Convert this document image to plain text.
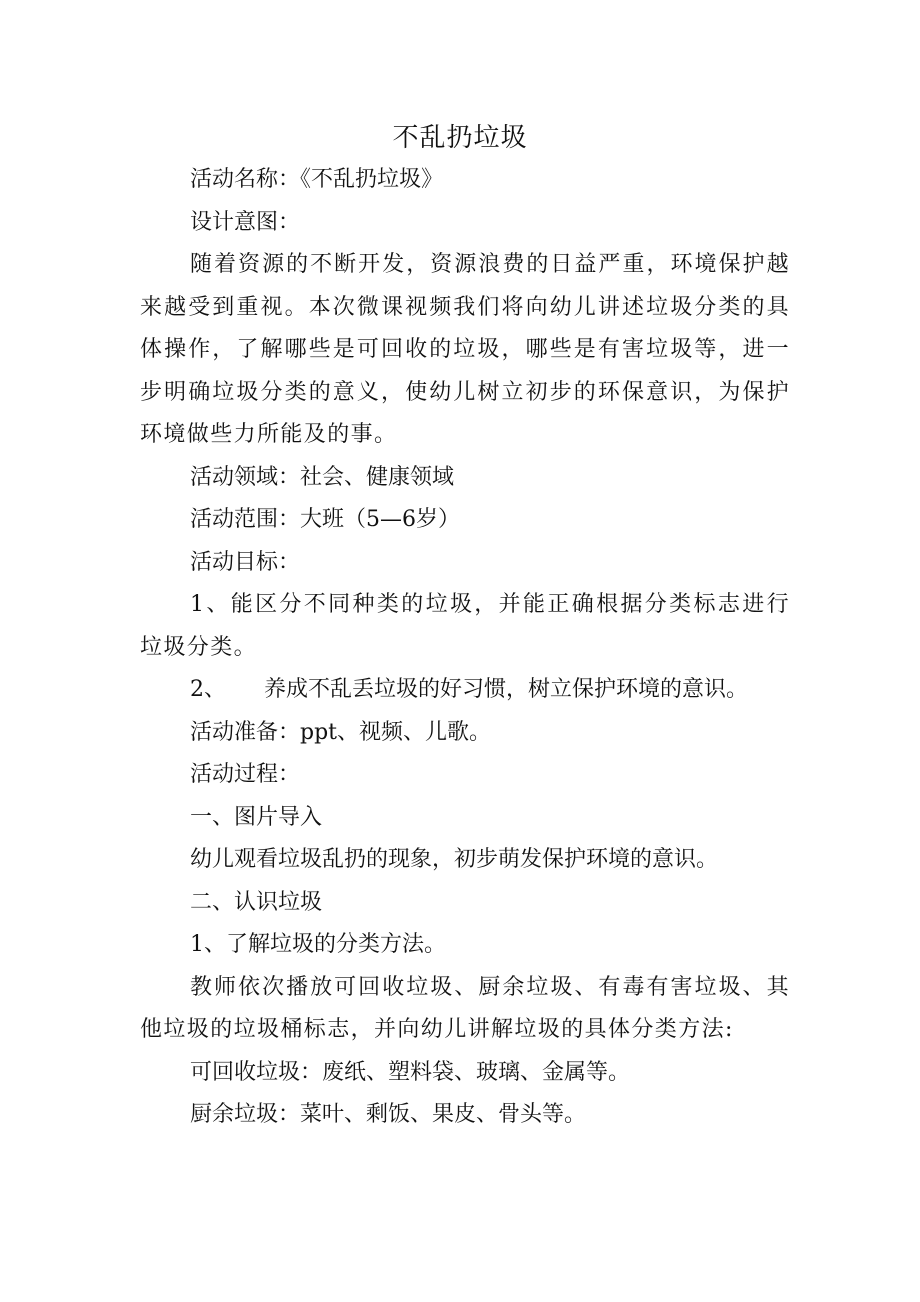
不乱扔垃圾

活动名称：《不乱扔垃圾》

设计意图：

随着资源的不断开发，资源浪费的日益严重，环境保护越来越受到重视。本次微课视频我们将向幼儿讲述垃圾分类的具体操作，了解哪些是可回收的垃圾，哪些是有害垃圾等，进一步明确垃圾分类的意义，使幼儿树立初步的环保意识，为保护环境做些力所能及的事。

活动领域：社会、健康领域

活动范围：大班（5—6岁）

活动目标：

1、能区分不同种类的垃圾，并能正确根据分类标志进行垃圾分类。

2、 养成不乱丢垃圾的好习惯，树立保护环境的意识。

活动准备：ppt、视频、儿歌。

活动过程：

一、图片导入

幼儿观看垃圾乱扔的现象，初步萌发保护环境的意识。

二、认识垃圾

1、了解垃圾的分类方法。

教师依次播放可回收垃圾、厨余垃圾、有毒有害垃圾、其他垃圾的垃圾桶标志，并向幼儿讲解垃圾的具体分类方法:

可回收垃圾：废纸、塑料袋、玻璃、金属等。

厨余垃圾：菜叶、剩饭、果皮、骨头等。
